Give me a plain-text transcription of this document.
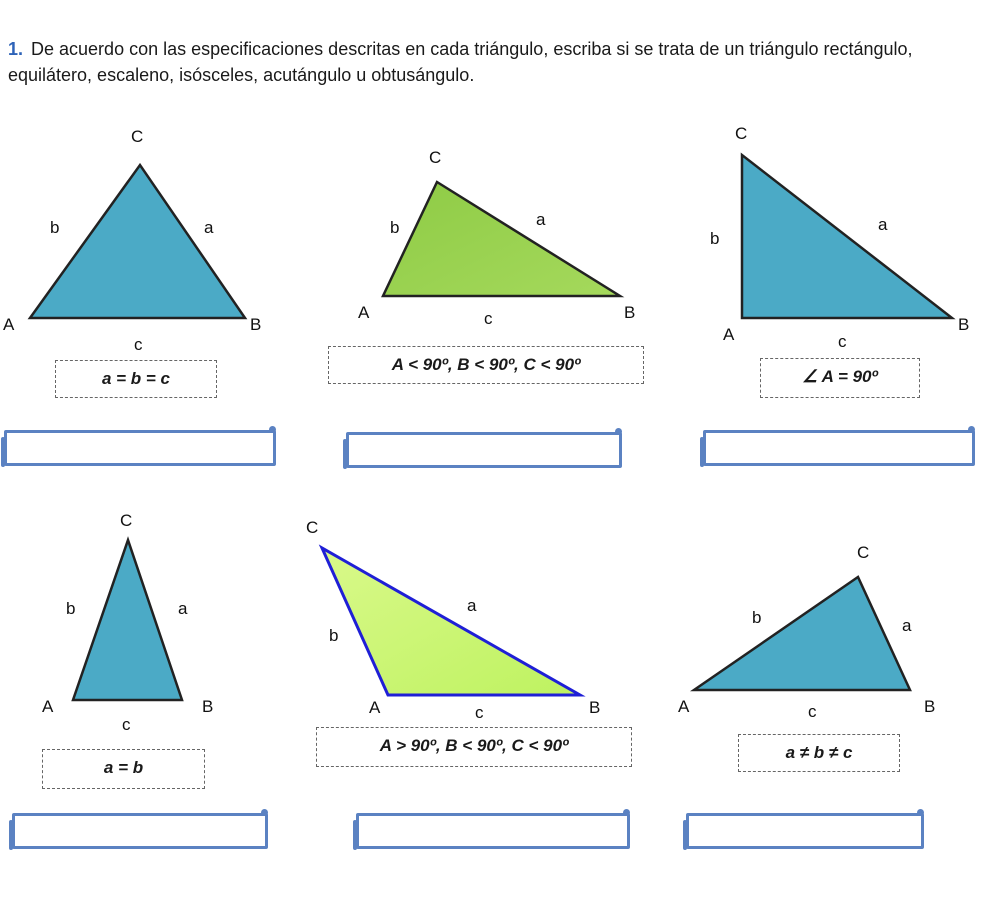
1. De acuerdo con las especificaciones descritas en cada triángulo, escriba si se trata de un triángulo rectángulo, equilátero, escaleno, isósceles, acutángulo u obtusángulo.
C
b	a
A	B
c
C
b	a
A	B
c
C
b
a
A
B
c
C
b	a
A	B
c
C
b
a
A	B
c
C
b	a
A	B
c
a = b = c
A < 90º, B < 90º, C < 90º
∠ A = 90º
a = b
A > 90º, B < 90º, C < 90º	a ≠ b ≠ c
